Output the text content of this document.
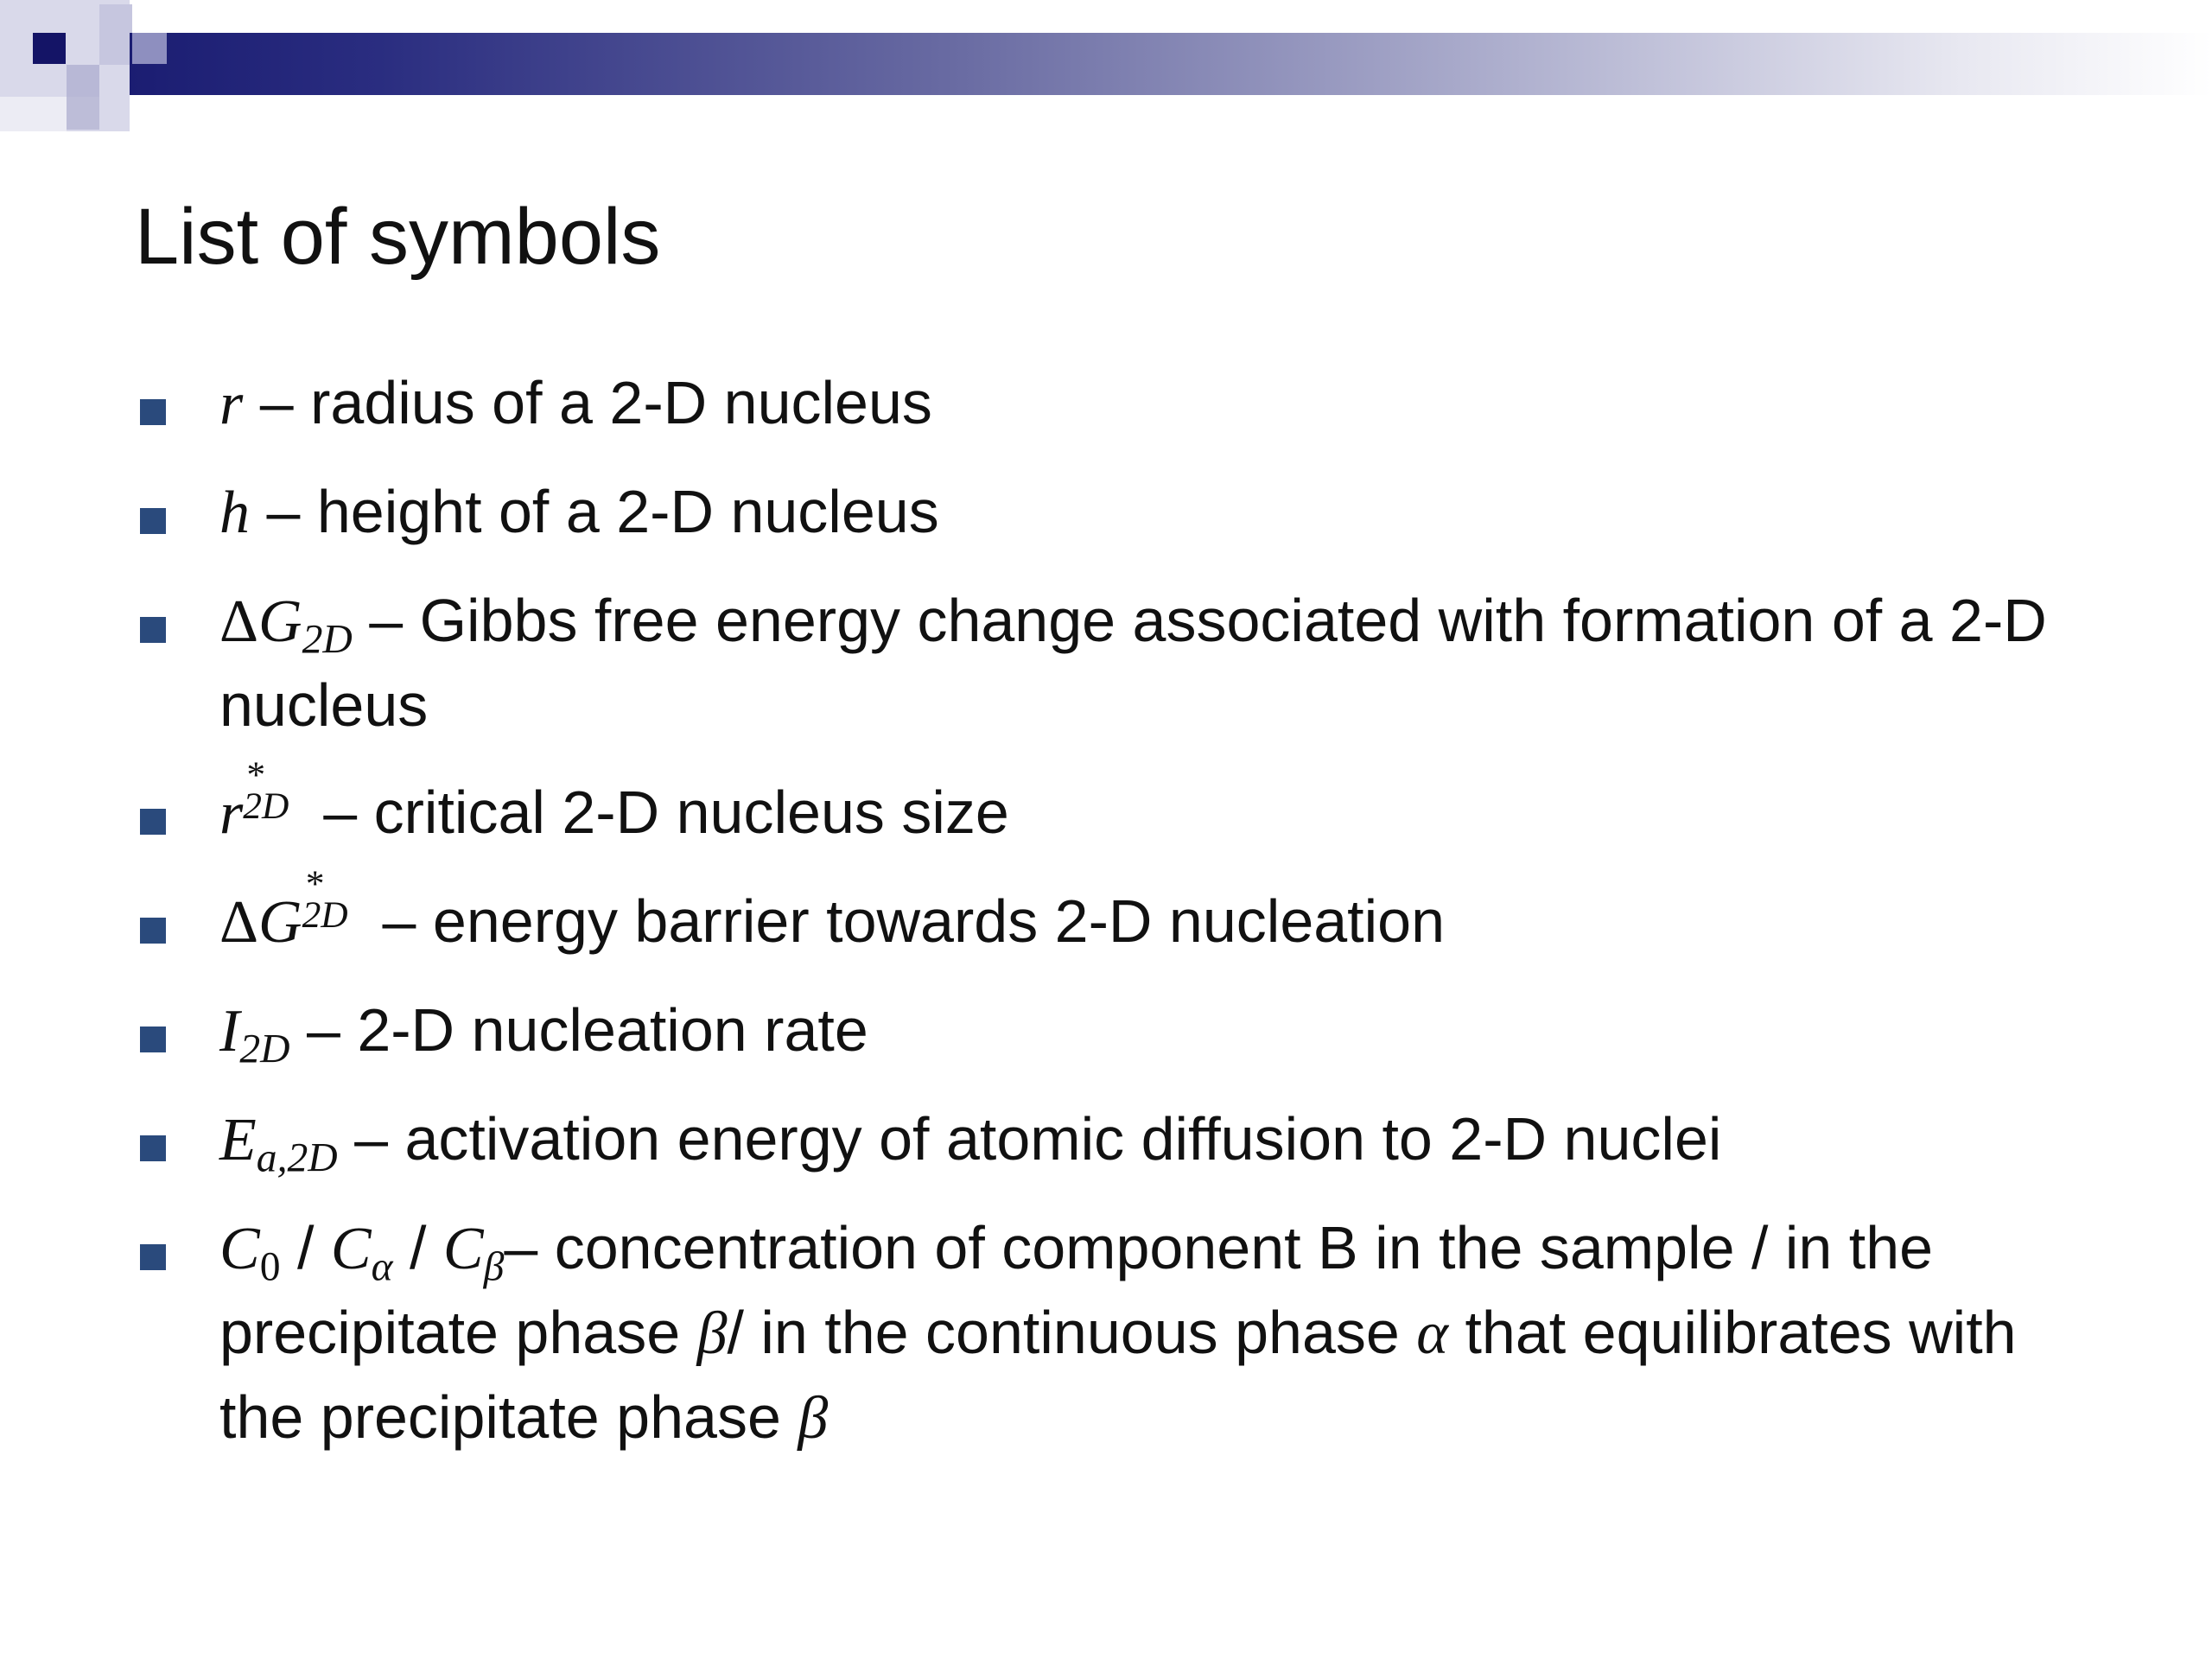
List of symbols
r – radius of a 2-D nucleus
h – height of a 2-D nucleus
$\Delta G_{2D}$ – Gibbs free energy change associated with formation of a 2-D nucleus
r
*
2D – critical 2-D nucleus size
ΔG
*
2D – energy barrier towards 2-D nucleation
$I_{2D} - 2-D$ nucleation rate
$E_{a,2D}$ – activation energy of atomic diffusion to 2-D nuclei
$C_0 / C_\alpha / C_\beta-$ concentration of component B in the sample / in the precipitate phase β/ in the continuous phase α that equilibrates with the precipitate phase β
